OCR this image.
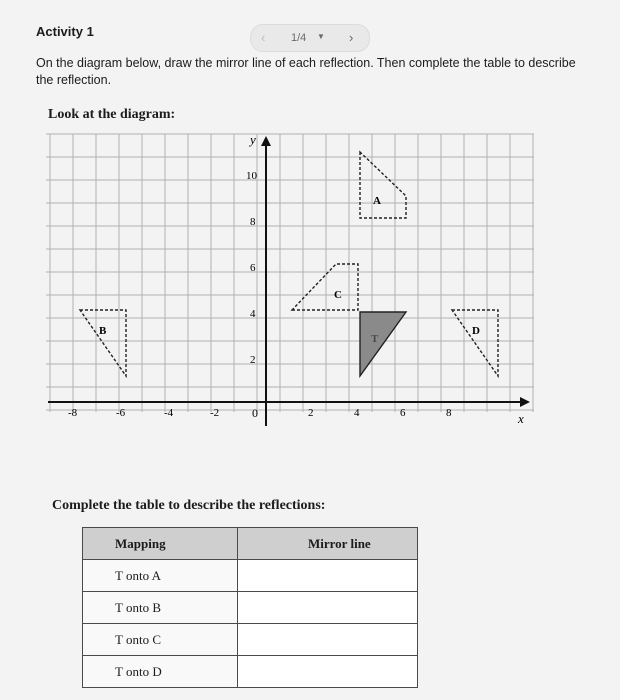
Activity 1	‹ 1/4 ▼ ›
On the diagram below, draw the mirror line of each reflection. Then complete the table to describe the reflection.
Look at the diagram:
y
x
-8	-6	-4	-2	0	2	4	6	8
2
4
6
8
10
A
C
T
B	D
Complete the table to describe the reflections:
Mapping	Mirror line
T onto A	
T onto B	
T onto C	
T onto D	
